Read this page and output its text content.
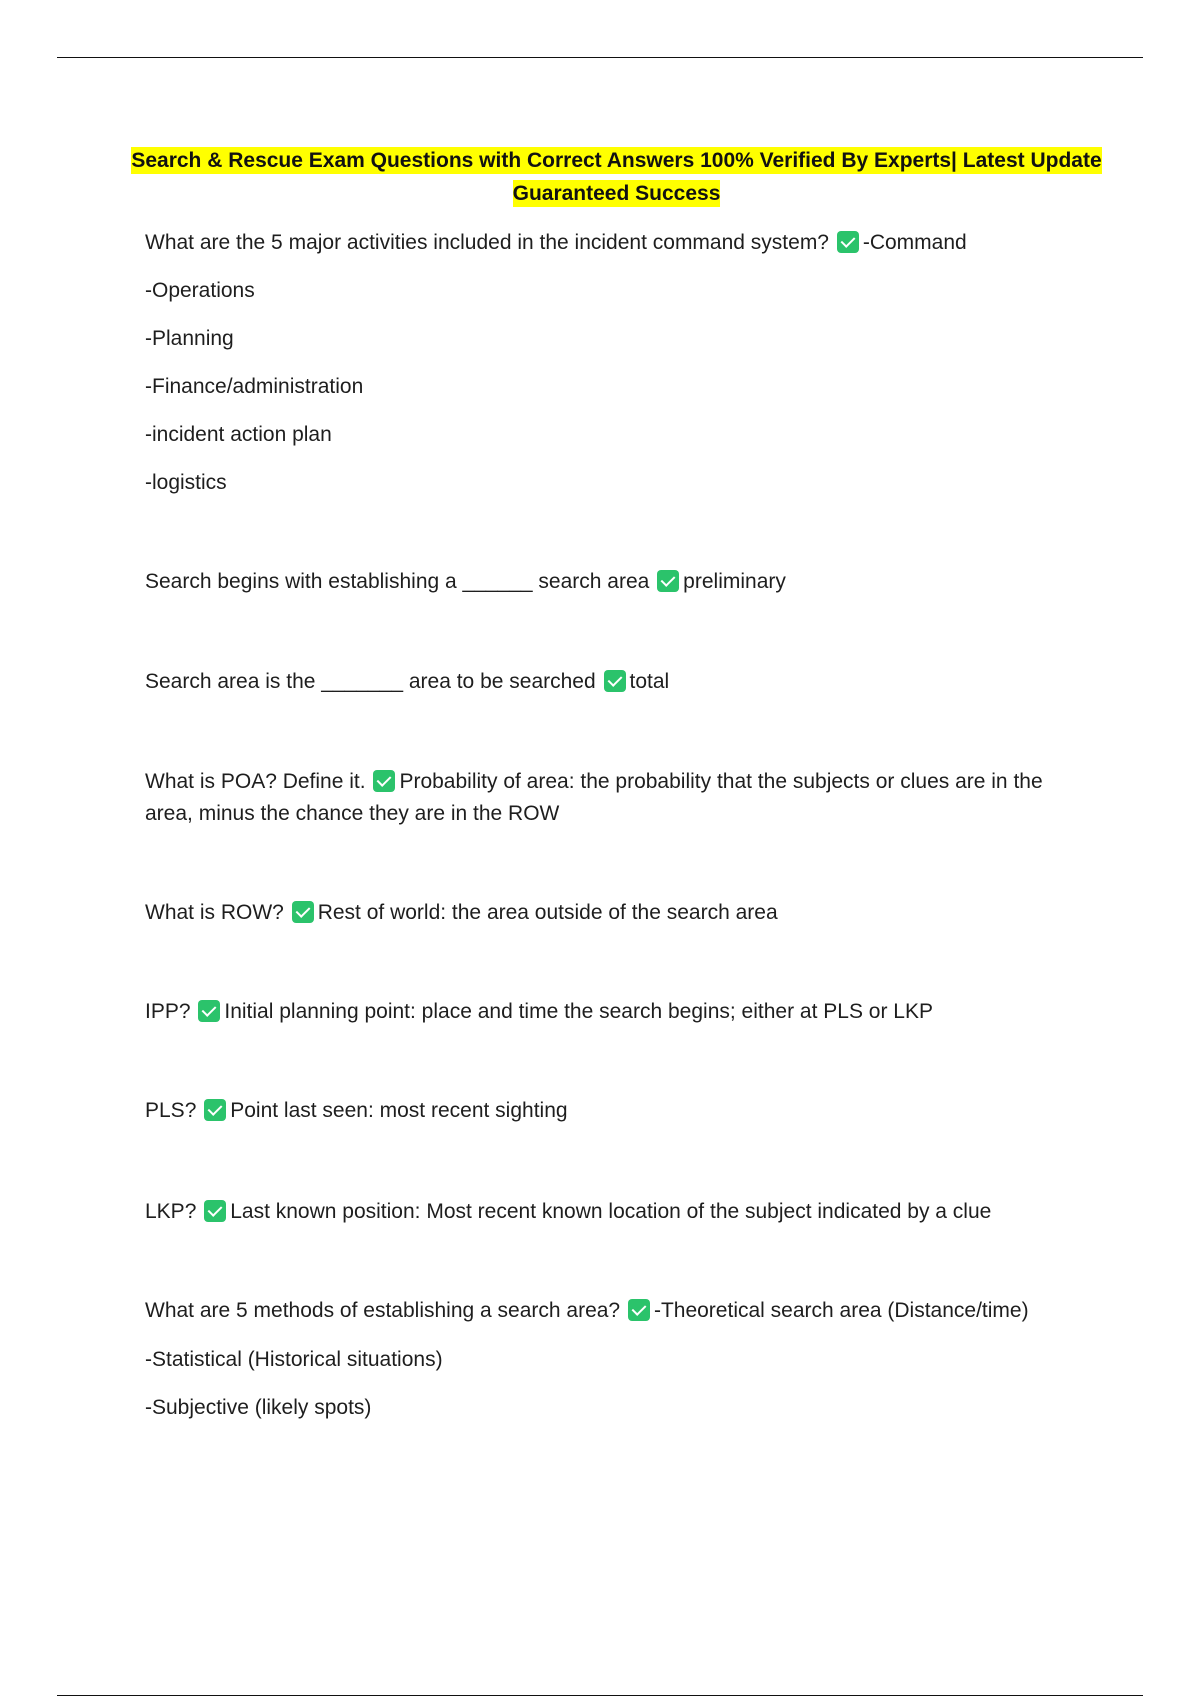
Search & Rescue Exam Questions with Correct Answers 100% Verified By Experts| Latest Update Guaranteed Success
What are the 5 major activities included in the incident command system? -Command
-Operations
-Planning
-Finance/administration
-incident action plan
-logistics
Search begins with establishing a ______ search area preliminary
Search area is the _______ area to be searched total
What is POA? Define it. Probability of area: the probability that the subjects or clues are in the area, minus the chance they are in the ROW
What is ROW? Rest of world: the area outside of the search area
IPP? Initial planning point: place and time the search begins; either at PLS or LKP
PLS? Point last seen: most recent sighting
LKP? Last known position: Most recent known location of the subject indicated by a clue
What are 5 methods of establishing a search area? -Theoretical search area (Distance/time)
-Statistical (Historical situations)
-Subjective (likely spots)
